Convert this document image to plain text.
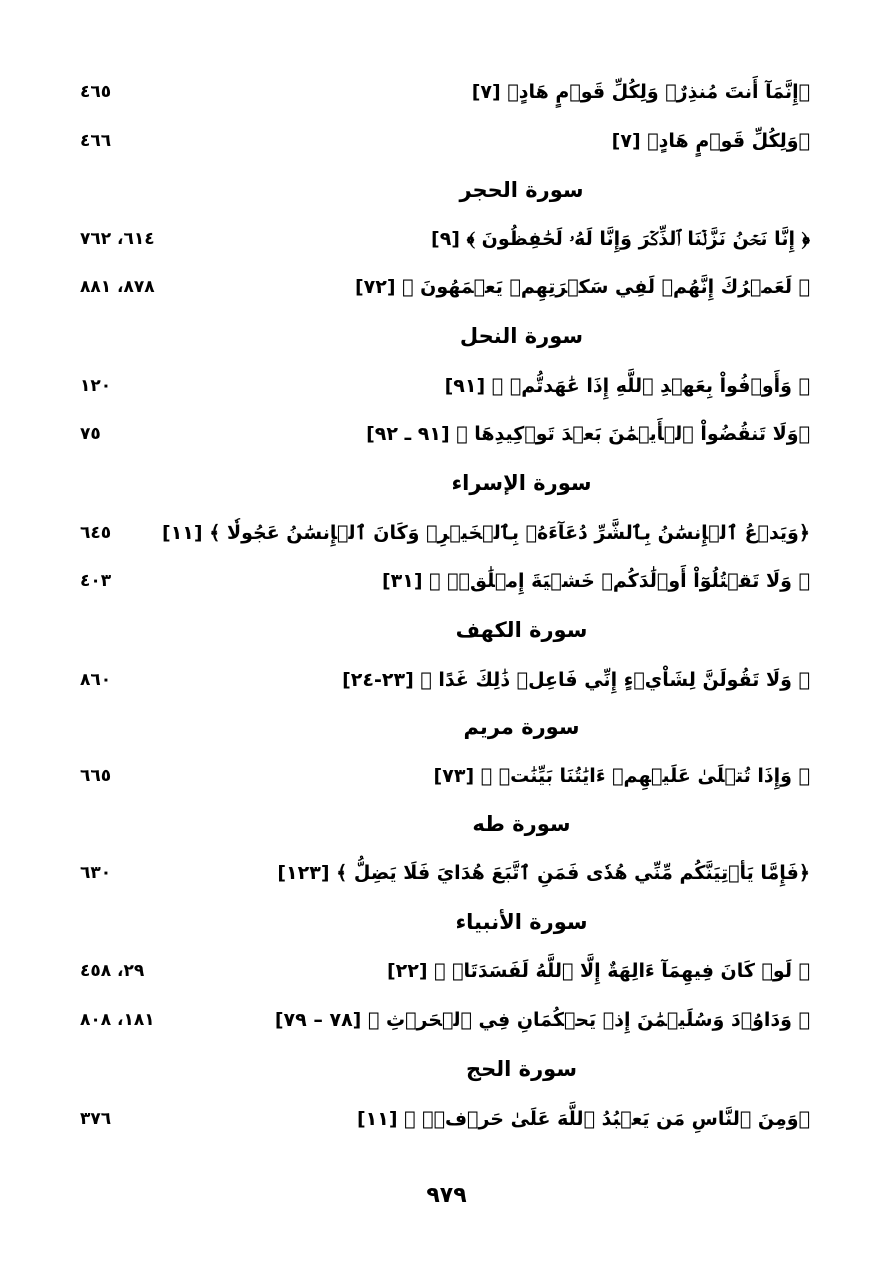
﴿إِنَّمَآ أَنتَ مُنذِرٌۖ وَلِكُلِّ قَوۡمٍ هَادٍ﴾ [٧]
٤٦٥
﴿وَلِكُلِّ قَوۡمٍ هَادٍ﴾ [٧]
٤٦٦
سورة الحجر
﴿ إِنَّا نَحۡنُ نَزَّلۡنَا ٱلذِّكۡرَ وَإِنَّا لَهُۥ لَحَٰفِظُونَ ﴾ [٩]
٦١٤، ٧٦٢
﴿ لَعَمۡرُكَ إِنَّهُمۡ لَفِي سَكۡرَتِهِمۡ يَعۡمَهُونَ ﴾ [٧٢]
٨٧٨، ٨٨١
سورة النحل
﴿ وَأَوۡفُواْ بِعَهۡدِ ٱللَّهِ إِذَا عَٰهَدتُّمۡ ﴾ [٩١]
١٢٠
﴿وَلَا تَنقُضُواْ ٱلۡأَيۡمَٰنَ بَعۡدَ تَوۡكِيدِهَا ﴾ [٩١ ـ ٩٢]
٧٥
سورة الإسراء
﴿وَيَدۡعُ ٱلۡإِنسَٰنُ بِٱلشَّرِّ دُعَآءَهُۥ بِٱلۡخَيۡرِۖ وَكَانَ ٱلۡإِنسَٰنُ عَجُولٗا ﴾ [١١]
٦٤٥
﴿ وَلَا تَقۡتُلُوٓاْ أَوۡلَٰدَكُمۡ خَشۡيَةَ إِمۡلَٰقٖۖ ﴾ [٣١]
٤٠٣
سورة الكهف
﴿ وَلَا تَقُولَنَّ لِشَاْيۡءٍ إِنِّي فَاعِلٞ ذَٰلِكَ غَدًا ﴾ [٢٣-٢٤]
٨٦٠
سورة مريم
﴿ وَإِذَا تُتۡلَىٰ عَلَيۡهِمۡ ءَايَٰتُنَا بَيِّنَٰتٖ ﴾ [٧٣]
٦٦٥
سورة طه
﴿فَإِمَّا يَأۡتِيَنَّكُم مِّنِّي هُدٗى فَمَنِ ٱتَّبَعَ هُدَايَ فَلَا يَضِلُّ ﴾ [١٢٣]
٦٣٠
سورة الأنبياء
﴿ لَوۡ كَانَ فِيهِمَآ ءَالِهَةٌ إِلَّا ٱللَّهُ لَفَسَدَتَاۚ ﴾ [٢٢]
٢٩، ٤٥٨
﴿ وَدَاوُۥدَ وَسُلَيۡمَٰنَ إِذۡ يَحۡكُمَانِ فِي ٱلۡحَرۡثِ ﴾ [٧٨ – ٧٩]
١٨١، ٨٠٨
سورة الحج
﴿وَمِنَ ٱلنَّاسِ مَن يَعۡبُدُ ٱللَّهَ عَلَىٰ حَرۡفٖۖ ﴾ [١١]
٣٧٦
٩٧٩
